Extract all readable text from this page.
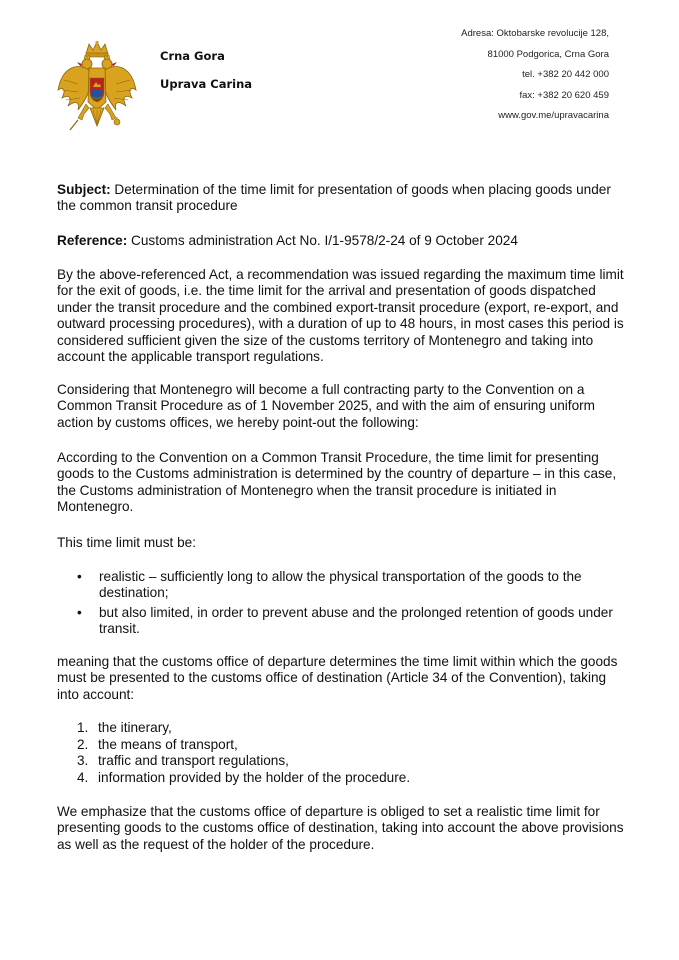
Crna Gora
Uprava Carina
Adresa: Oktobarske revolucije 128,
81000 Podgorica, Crna Gora
tel. +382 20 442 000
fax: +382 20 620 459
www.gov.me/upravacarina

Subject: Determination of the time limit for presentation of goods when placing goods under the common transit procedure

Reference: Customs administration Act No. I/1-9578/2-24 of 9 October 2024

By the above-referenced Act, a recommendation was issued regarding the maximum time limit for the exit of goods, i.e. the time limit for the arrival and presentation of goods dispatched under the transit procedure and the combined export-transit procedure (export, re-export, and outward processing procedures), with a duration of up to 48 hours, in most cases this period is considered sufficient given the size of the customs territory of Montenegro and taking into account the applicable transport regulations.

Considering that Montenegro will become a full contracting party to the Convention on a Common Transit Procedure as of 1 November 2025, and with the aim of ensuring uniform action by customs offices, we hereby point-out the following:

According to the Convention on a Common Transit Procedure, the time limit for presenting goods to the Customs administration is determined by the country of departure – in this case, the Customs administration of Montenegro when the transit procedure is initiated in Montenegro.

This time limit must be:

• realistic – sufficiently long to allow the physical transportation of the goods to the destination;
• but also limited, in order to prevent abuse and the prolonged retention of goods under transit.

meaning that the customs office of departure determines the time limit within which the goods must be presented to the customs office of destination (Article 34 of the Convention), taking into account:

1. the itinerary,
2. the means of transport,
3. traffic and transport regulations,
4. information provided by the holder of the procedure.

We emphasize that the customs office of departure is obliged to set a realistic time limit for presenting goods to the customs office of destination, taking into account the above provisions as well as the request of the holder of the procedure.
